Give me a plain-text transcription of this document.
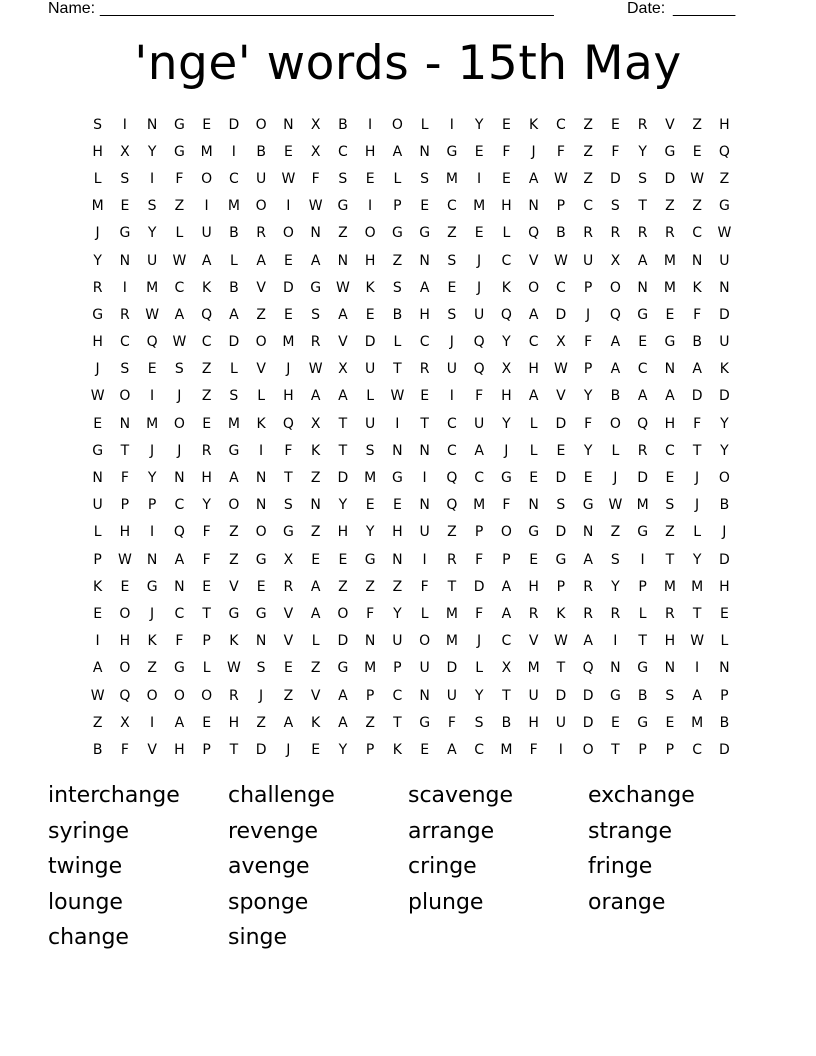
Name: ___________________________________________________	Date: _______
'nge' words - 15th May
S	I	N	G	E	D	O	N	X	B	I	O	L	I	Y	E	K	C	Z	E	R	V	Z	H
H	X	Y	G	M	I	B	E	X	C	H	A	N	G	E	F	J	F	Z	F	Y	G	E	Q
L	S	I	F	O	C	U	W	F	S	E	L	S	M	I	E	A	W	Z	D	S	D	W	Z
M	E	S	Z	I	M	O	I	W	G	I	P	E	C	M	H	N	P	C	S	T	Z	Z	G
J	G	Y	L	U	B	R	O	N	Z	O	G	G	Z	E	L	Q	B	R	R	R	R	C	W
Y	N	U	W	A	L	A	E	A	N	H	Z	N	S	J	C	V	W	U	X	A	M	N	U
R	I	M	C	K	B	V	D	G	W	K	S	A	E	J	K	O	C	P	O	N	M	K	N
G	R	W	A	Q	A	Z	E	S	A	E	B	H	S	U	Q	A	D	J	Q	G	E	F	D
H	C	Q	W	C	D	O	M	R	V	D	L	C	J	Q	Y	C	X	F	A	E	G	B	U
J	S	E	S	Z	L	V	J	W	X	U	T	R	U	Q	X	H	W	P	A	C	N	A	K
W	O	I	J	Z	S	L	H	A	A	L	W	E	I	F	H	A	V	Y	B	A	A	D	D
E	N	M	O	E	M	K	Q	X	T	U	I	T	C	U	Y	L	D	F	O	Q	H	F	Y
G	T	J	J	R	G	I	F	K	T	S	N	N	C	A	J	L	E	Y	L	R	C	T	Y
N	F	Y	N	H	A	N	T	Z	D	M	G	I	Q	C	G	E	D	E	J	D	E	J	O
U	P	P	C	Y	O	N	S	N	Y	E	E	N	Q	M	F	N	S	G	W	M	S	J	B
L	H	I	Q	F	Z	O	G	Z	H	Y	H	U	Z	P	O	G	D	N	Z	G	Z	L	J
P	W	N	A	F	Z	G	X	E	E	G	N	I	R	F	P	E	G	A	S	I	T	Y	D
K	E	G	N	E	V	E	R	A	Z	Z	Z	F	T	D	A	H	P	R	Y	P	M	M	H
E	O	J	C	T	G	G	V	A	O	F	Y	L	M	F	A	R	K	R	R	L	R	T	E
I	H	K	F	P	K	N	V	L	D	N	U	O	M	J	C	V	W	A	I	T	H	W	L
A	O	Z	G	L	W	S	E	Z	G	M	P	U	D	L	X	M	T	Q	N	G	N	I	N
W	Q	O	O	O	R	J	Z	V	A	P	C	N	U	Y	T	U	D	D	G	B	S	A	P
Z	X	I	A	E	H	Z	A	K	A	Z	T	G	F	S	B	H	U	D	E	G	E	M	B
B	F	V	H	P	T	D	J	E	Y	P	K	E	A	C	M	F	I	O	T	P	P	C	D
interchange	challenge	scavenge	exchange
syringe	revenge	arrange	strange
twinge	avenge	cringe	fringe
lounge	sponge	plunge	orange
change	singe
